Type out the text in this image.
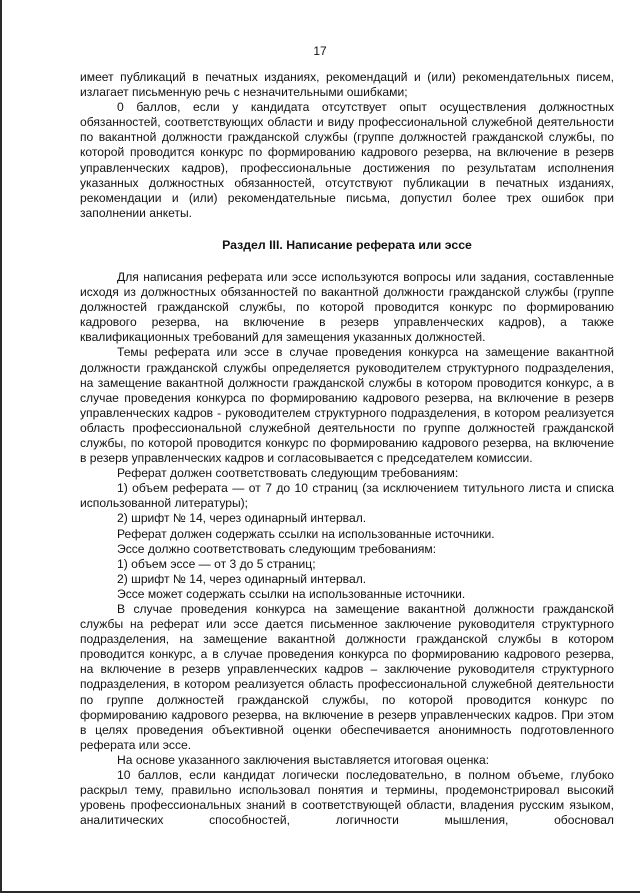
17

имеет публикаций в печатных изданиях, рекомендаций и (или) рекомендательных писем, излагает письменную речь с незначительными ошибками;

0 баллов, если у кандидата отсутствует опыт осуществления должностных обязанностей, соответствующих области и виду профессиональной служебной деятельности по вакантной должности гражданской службы (группе должностей гражданской службы, по которой проводится конкурс по формированию кадрового резерва, на включение в резерв управленческих кадров), профессиональные достижения по результатам исполнения указанных должностных обязанностей, отсутствуют публикации в печатных изданиях, рекомендации и (или) рекомендательные письма, допустил более трех ошибок при заполнении анкеты.

Раздел III. Написание реферата или эссе

Для написания реферата или эссе используются вопросы или задания, составленные исходя из должностных обязанностей по вакантной должности гражданской службы (группе должностей гражданской службы, по которой проводится конкурс по формированию кадрового резерва, на включение в резерв управленческих кадров), а также квалификационных требований для замещения указанных должностей.

Темы реферата или эссе в случае проведения конкурса на замещение вакантной должности гражданской службы определяется руководителем структурного подразделения, на замещение вакантной должности гражданской службы в котором проводится конкурс, а в случае проведения конкурса по формированию кадрового резерва, на включение в резерв управленческих кадров - руководителем структурного подразделения, в котором реализуется область профессиональной служебной деятельности по группе должностей гражданской службы, по которой проводится конкурс по формированию кадрового резерва, на включение в резерв управленческих кадров и согласовывается с председателем комиссии.

Реферат должен соответствовать следующим требованиям:

1) объем реферата — от 7 до 10 страниц (за исключением титульного листа и списка использованной литературы);

2) шрифт № 14, через одинарный интервал.

Реферат должен содержать ссылки на использованные источники.

Эссе должно соответствовать следующим требованиям:

1) объем эссе — от 3 до 5 страниц;

2) шрифт № 14, через одинарный интервал.

Эссе может содержать ссылки на использованные источники.

В случае проведения конкурса на замещение вакантной должности гражданской службы на реферат или эссе дается письменное заключение руководителя структурного подразделения, на замещение вакантной должности гражданской службы в котором проводится конкурс, а в случае проведения конкурса по формированию кадрового резерва, на включение в резерв управленческих кадров – заключение руководителя структурного подразделения, в котором реализуется область профессиональной служебной деятельности по группе должностей гражданской службы, по которой проводится конкурс по формированию кадрового резерва, на включение в резерв управленческих кадров. При этом в целях проведения объективной оценки обеспечивается анонимность подготовленного реферата или эссе.

На основе указанного заключения выставляется итоговая оценка:

10 баллов, если кандидат логически последовательно, в полном объеме, глубоко раскрыл тему, правильно использовал понятия и термины, продемонстрировал высокий уровень профессиональных знаний в соответствующей области, владения русским языком, аналитических способностей, логичности мышления, обосновал
